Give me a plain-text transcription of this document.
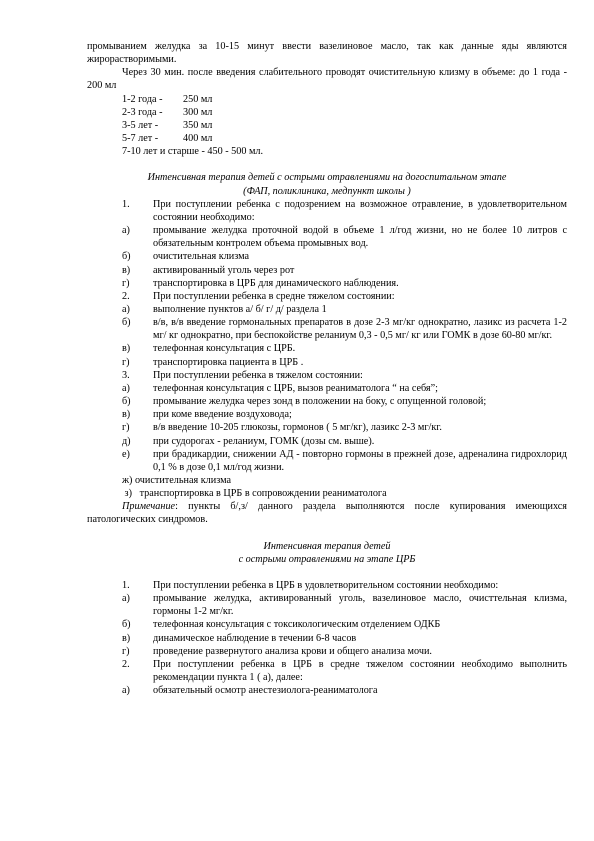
промыванием желудка за 10-15 минут ввести вазелиновое масло, так как данные яды являются жирорастворимыми.

Через 30 мин. после введения слабительного проводят очистительную клизму в объеме: до 1 года - 200 мл

1-2 года -	250 мл
2-3 года -	300 мл
3-5 лет -	350 мл
5-7 лет -	400 мл
7-10 лет и старше - 450 - 500 мл.

Интенсивная терапия детей с острыми отравлениями на догоспитальном этапе

(ФАП, поликлиника, медпункт школы )

1.	При поступлении ребенка с подозрением на возможное отравление, в удовлетворительном состоянии необходимо:
а)	промывание желудка проточной водой в объеме 1 л/год жизни, но не более 10 литров с обязательным контролем объема промывных вод.
б)	очистительная клизма
в)	активированный уголь через рот
г)	транспортировка в ЦРБ для динамического наблюдения.
2.	При поступлении ребенка в средне тяжелом состоянии:
а)	выполнение пунктов а/ б/ г/ д/ раздела 1
б)	в/в, в/в введение гормональных препаратов в дозе 2-3 мг/кг однократно, лазикс из расчета 1-2 мг/ кг однократно, при беспокойстве реланиум 0,3 - 0,5 мг/ кг или ГОМК в дозе 60-80 мг/кг.
в)	телефонная консультация с ЦРБ.
г)	транспортировка пациента в ЦРБ .
3.	При поступлении ребенка в тяжелом состоянии:
а)	телефонная консультация с ЦРБ, вызов реаниматолога “ на себя”;
б)	промывание желудка через зонд в положении на боку, с опущенной головой;
в)	при коме введение воздуховода;
г)	в/в введение 10-205 глюкозы, гормонов ( 5 мг/кг), лазикс 2-3 мг/кг.
д)	при судорогах - реланиум, ГОМК (дозы см. выше).
е)	при брадикардии, снижении АД - повторно гормоны в прежней дозе, адреналина гидрохлорид 0,1 % в дозе 0,1 мл/год жизни.
ж) очистительная клизма
з)   транспортировка в ЦРБ в сопровождении реаниматолога

Примечание: пункты б/,з/ данного раздела выполняются после купирования имеющихся патологических синдромов.

Интенсивная терапия детей

с острыми отравлениями на этапе ЦРБ

1.	При поступлении ребенка в ЦРБ в удовлетворительном состоянии необходимо:
а)	промывание желудка, активированный уголь, вазелиновое масло, очисттельная клизма, гормоны 1-2 мг/кг.
б)	телефонная консультация с токсикологическим отделением ОДКБ
в)	динамическое наблюдение в течении 6-8 часов
г)	проведение развернутого анализа крови и общего анализа мочи.
2.	При поступлении ребенка в ЦРБ в средне тяжелом состоянии необходимо выполнить рекомендации пункта 1 ( а), далее:
а)	обязательный осмотр анестезиолога-реаниматолога
